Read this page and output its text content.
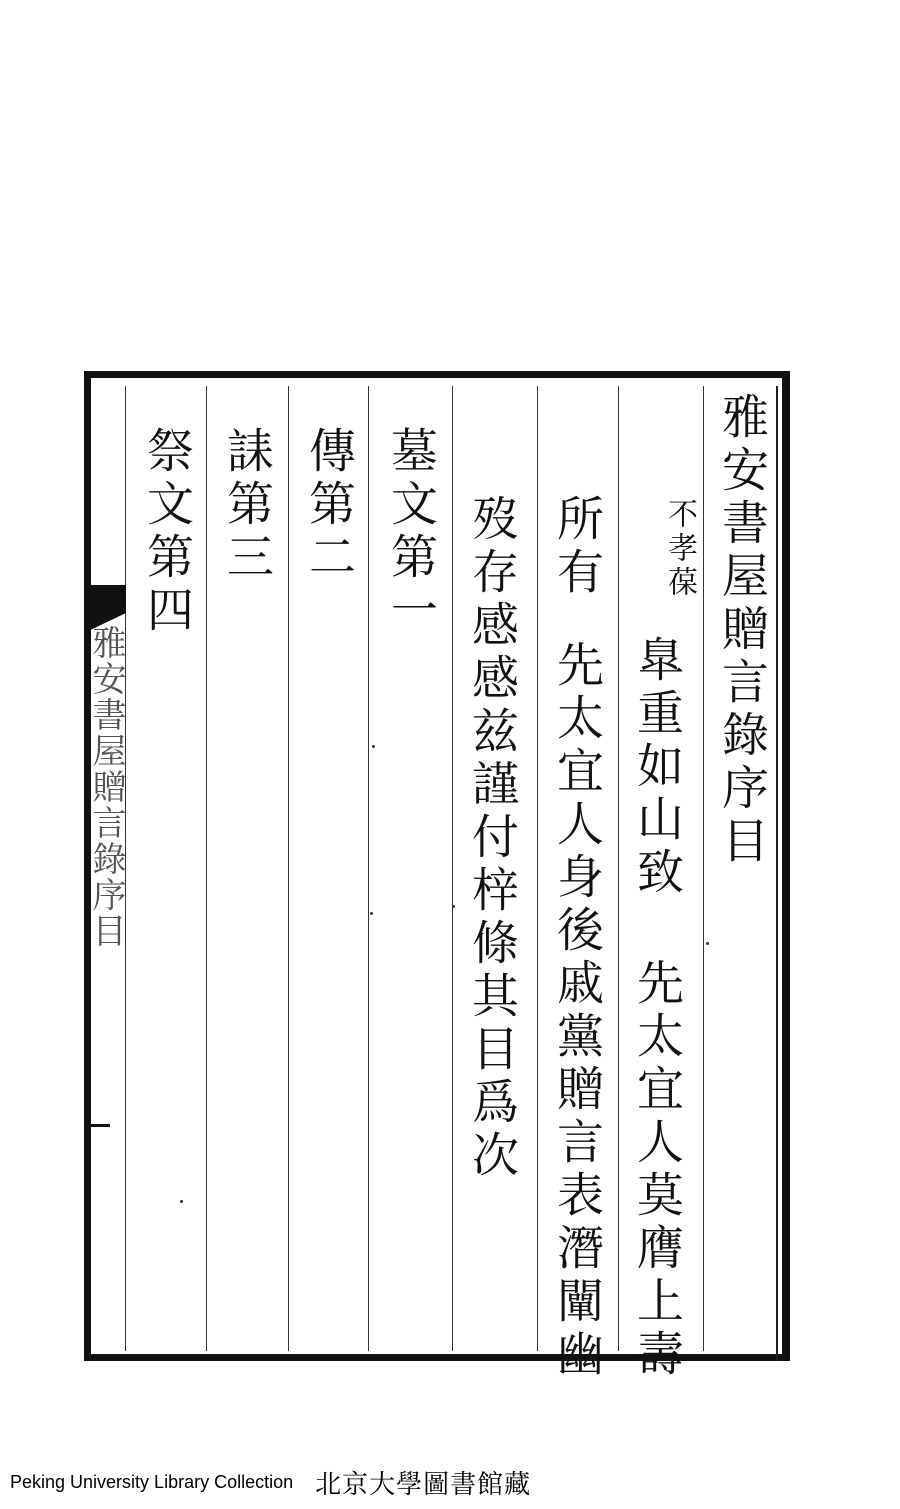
雅安書屋贈言錄序目	雅安書屋贈言錄序目
不孝葆
臯重如山致
先太宜人莫膺上壽
所有
先太宜人身後戚黨贈言表潛闡幽
歿存感感兹謹付梓條其目爲次
墓文第一
傳第二
誄第三
祭文第四
Peking University Library Collection 北京大學圖書館藏
